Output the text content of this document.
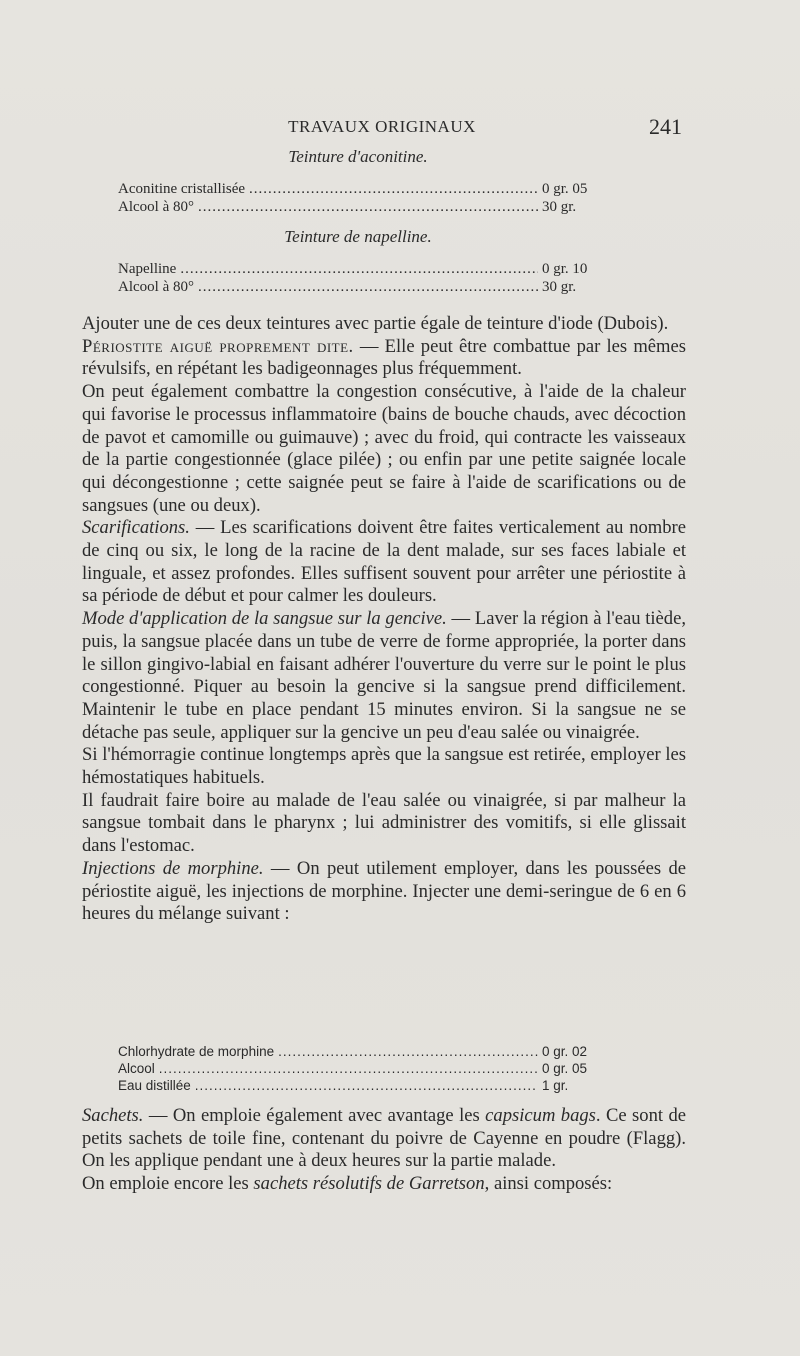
TRAVAUX ORIGINAUX	241

Teinture d'aconitine.

Aconitine cristallisée .....	0 gr. 05
Alcool à 80° .....	30 gr.

Teinture de napelline.

Napelline .....	0 gr. 10
Alcool à 80° .....	30 gr.

Ajouter une de ces deux teintures avec partie égale de teinture d'iode (Dubois).

Périostite aiguë proprement dite. — Elle peut être combattue par les mêmes révulsifs, en répétant les badigeonnages plus fréquemment.

On peut également combattre la congestion consécutive, à l'aide de la chaleur qui favorise le processus inflammatoire (bains de bouche chauds, avec décoction de pavot et camomille ou guimauve) ; avec du froid, qui contracte les vaisseaux de la partie congestionnée (glace pilée) ; ou enfin par une petite saignée locale qui décongestionne ; cette saignée peut se faire à l'aide de scarifications ou de sangsues (une ou deux).

Scarifications. — Les scarifications doivent être faites verticalement au nombre de cinq ou six, le long de la racine de la dent malade, sur ses faces labiale et linguale, et assez profondes. Elles suffisent souvent pour arrêter une périostite à sa période de début et pour calmer les douleurs.

Mode d'application de la sangsue sur la gencive. — Laver la région à l'eau tiède, puis, la sangsue placée dans un tube de verre de forme appropriée, la porter dans le sillon gingivo-labial en faisant adhérer l'ouverture du verre sur le point le plus congestionné. Piquer au besoin la gencive si la sangsue prend difficilement. Maintenir le tube en place pendant 15 minutes environ. Si la sangsue ne se détache pas seule, appliquer sur la gencive un peu d'eau salée ou vinaigrée.

Si l'hémorragie continue longtemps après que la sangsue est retirée, employer les hémostatiques habituels.

Il faudrait faire boire au malade de l'eau salée ou vinaigrée, si par malheur la sangsue tombait dans le pharynx ; lui administrer des vomitifs, si elle glissait dans l'estomac.

Injections de morphine. — On peut utilement employer, dans les poussées de périostite aiguë, les injections de morphine. Injecter une demi-seringue de 6 en 6 heures du mélange suivant :

Chlorhydrate de morphine .....	0 gr. 02
Alcool .....	0 gr. 05
Eau distillée .....	1 gr.

Sachets. — On emploie également avec avantage les capsicum bags. Ce sont de petits sachets de toile fine, contenant du poivre de Cayenne en poudre (Flagg). On les applique pendant une à deux heures sur la partie malade.

On emploie encore les sachets résolutifs de Garretson, ainsi composés:
